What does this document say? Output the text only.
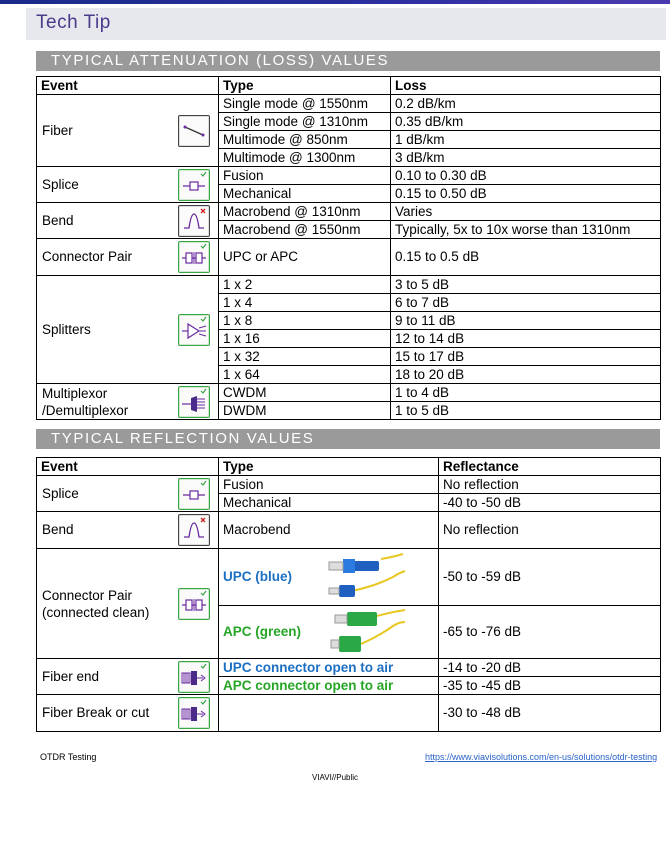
Tech Tip
TYPICAL ATTENUATION (LOSS) VALUES
Event		Type	Loss
Fiber		Single mode @ 1550nm	0.2 dB/km
		Single mode @ 1310nm	0.35 dB/km
		Multimode @ 850nm	1 dB/km
		Multimode @ 1300nm	3 dB/km
Splice		Fusion	0.10 to 0.30 dB
		Mechanical	0.15 to 0.50 dB
Bend		Macrobend @ 1310nm	Varies
		Macrobend @ 1550nm	Typically, 5x to 10x worse than 1310nm
Connector Pair		UPC or APC	0.15 to 0.5 dB
Splitters		1 x 2	3 to 5 dB
		1 x 4	6 to 7 dB
		1 x 8	9 to 11 dB
		1 x 16	12 to 14 dB
		1 x 32	15 to 17 dB
		1 x 64	18 to 20 dB

Multiplexor
/Demultiplexor		CWDM	1 to 4 dB
		DWDM	1 to 5 dB
TYPICAL REFLECTION VALUES
Event		Type	Reflectance
Splice		Fusion	No reflection
		Mechanical	-40 to -50 dB
Bend		Macrobend	No reflection

Connector Pair
(connected clean)		UPC (blue)	-50 to -59 dB
		APC (green)	-65 to -76 dB
Fiber end		UPC connector open to air	-14 to -20 dB
		APC connector open to air	-35 to -45 dB
Fiber Break or cut			-30 to -48 dB
OTDR Testing	https://www.viavisolutions.com/en-us/solutions/otdr-testing
VIAVI//Public
